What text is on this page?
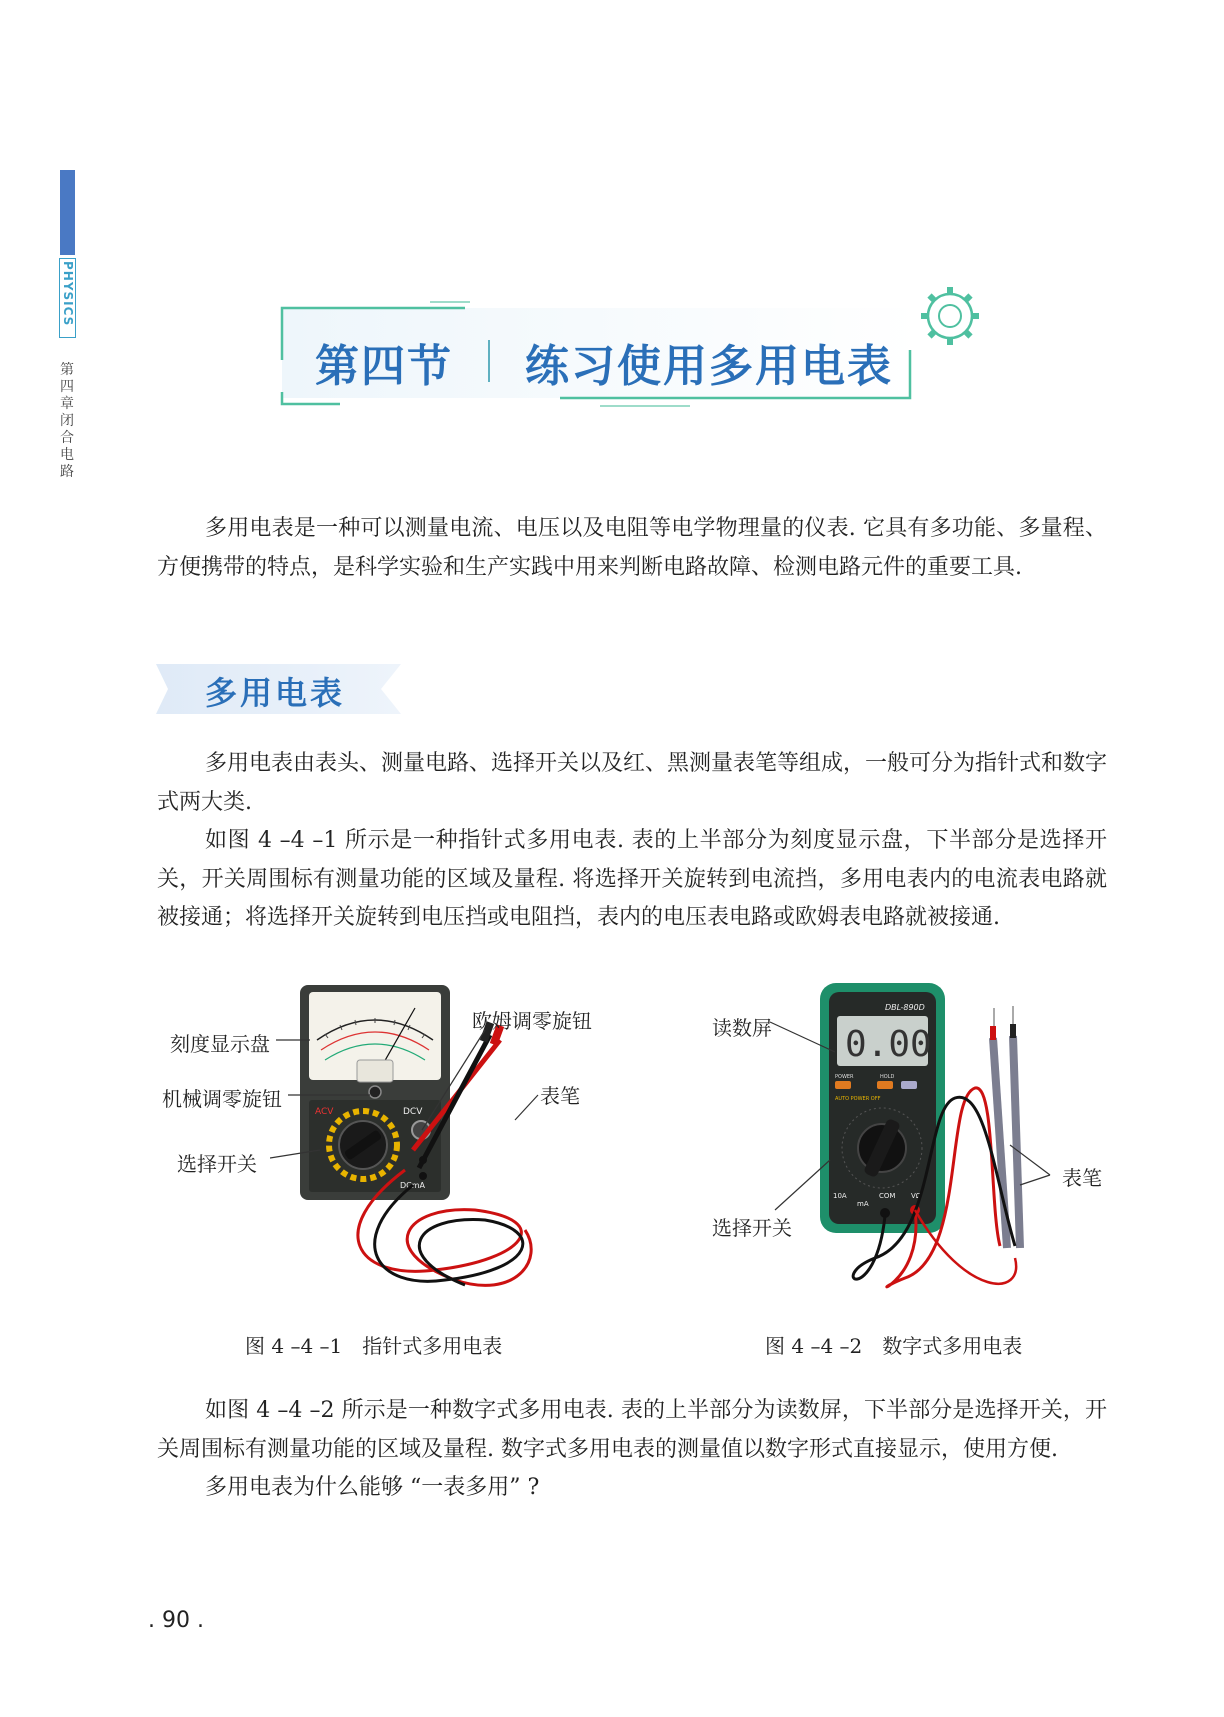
PHYSICS
第四章 闭合电路
第四节 练习使用多用电表

多用电表是一种可以测量电流、电压以及电阻等电学物理量的仪表. 它具有多功能、多量程、方便携带的特点，是科学实验和生产实践中用来判断电路故障、检测电路元件的重要工具.

多用电表

多用电表由表头、测量电路、选择开关以及红、黑测量表笔等组成，一般可分为指针式和数字式两大类.

如图 4 –4 –1 所示是一种指针式多用电表. 表的上半部分为刻度显示盘，下半部分是选择开关，开关周围标有测量功能的区域及量程. 将选择开关旋转到电流挡，多用电表内的电流表电路就被接通；将选择开关旋转到电压挡或电阻挡，表内的电压表电路或欧姆表电路就被接通.

ACV	DCV
DCmA
刻度显示盘
机械调零旋钮
选择开关
欧姆调零旋钮
表笔
图 4 –4 –1　指针式多用电表
DBL-890D
0.00
POWER	HOLD
AUTO POWER OFF
10A
mA
COM VΩ
读数屏
选择开关
表笔
图 4 –4 –2　数字式多用电表

如图 4 –4 –2 所示是一种数字式多用电表. 表的上半部分为读数屏，下半部分是选择开关，开关周围标有测量功能的区域及量程. 数字式多用电表的测量值以数字形式直接显示，使用方便.

多用电表为什么能够 “一表多用” ?

. 90 .
